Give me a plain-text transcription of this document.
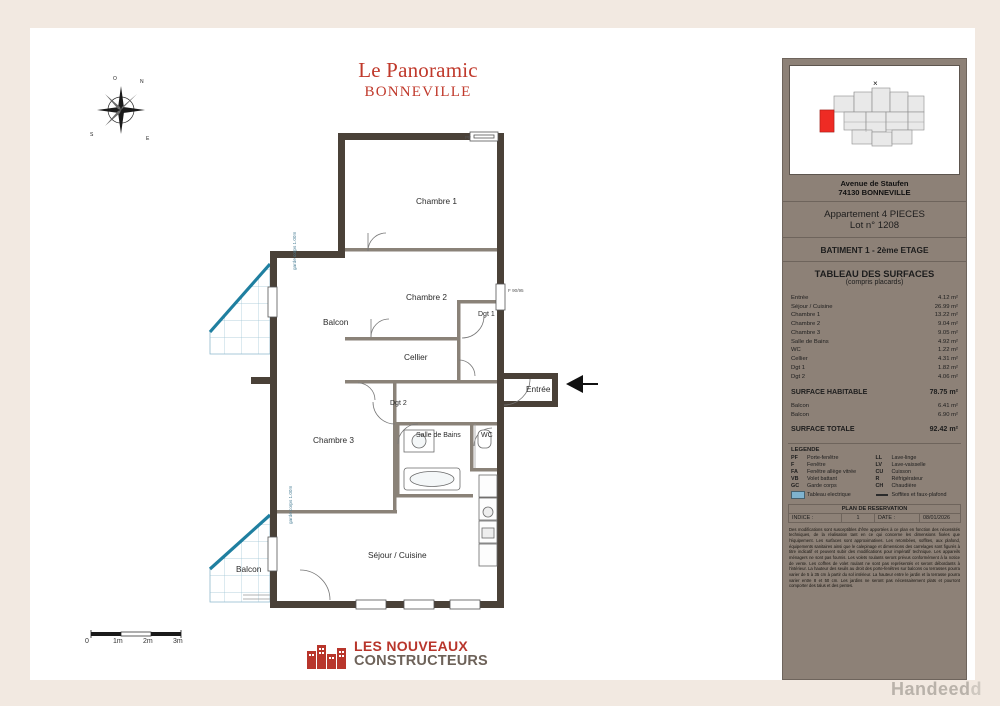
Le Panoramic
BONNEVILLE
O	N
S
E
Chambre 1
Chambre 2
Chambre 3
Balcon
Cellier
Dgt 1
Dgt 2
Entrée
Salle de Bains	WC
Séjour / Cuisine
Balcon
garde corps 1.00m
garde corps 1.00m
PF
F 90/95
0	1m	2m	3m	LES NOUVEAUX
CONSTRUCTEURS
×
Avenue de Staufen
74130 BONNEVILLE
Appartement 4 PIECES
Lot n° 1208
BATIMENT 1 - 2ème ETAGE
TABLEAU DES SURFACES
(compris placards)
Entrée	4.12 m²
Séjour / Cuisine	26.99 m²
Chambre 1	13.22 m²
Chambre 2	9.04 m²
Chambre 3	9.05 m²
Salle de Bains	4.92 m²
WC	1.22 m²
Cellier	4.31 m²
Dgt 1	1.82 m²
Dgt 2	4.06 m²
SURFACE HABITABLE	78.75 m²
Balcon	6.41 m²
Balcon	6.90 m²
SURFACE TOTALE	92.42 m²
LEGENDE
PF	Porte-fenêtre	LL	Lave-linge
F	Fenêtre	LV	Lave-vaisselle
FA	Fenêtre allège vitrée	CU	Cuisson
VB	Volet battant	R	Réfrigérateur
GC	Garde corps	CH	Chaudière
Tableau electrique	Soffites et faux-plafond
PLAN DE RESERVATION
INDICE :	1	DATE :	08/01/2026
Des modifications sont susceptibles d'être apportées à ce plan en fonction des nécessités techniques, de la réalisation tant en ce qui concerne les dimensions fixées que l'équipement. Les surfaces sont approximatives. Les retombées, soffites, aux plafond, équipements sanitaires ainsi que le calepinage et dimensions des carrelages sont figurés à titre indicatif et peuvent subir des modifications pour impératif technique. Les appareils ménagers ne sont pas fournis. Les volets roulants seront prévus conformément à la notice de vente. Les coffres de volet roulant ne sont pas représentés et seront débordants à l'intérieur. La hauteur des seuils au droit des porte-fenêtres sur balcons ou terrasses pourra varier de 5 à 35 cm à partir du sol intérieur. La hauteur entre le jardin et la terrasse pourra varier entre 8 et 50 cm. Les jardins ne seront pas nécessairement plats et pourront comporter des talus et des pentes.
Handeedd
